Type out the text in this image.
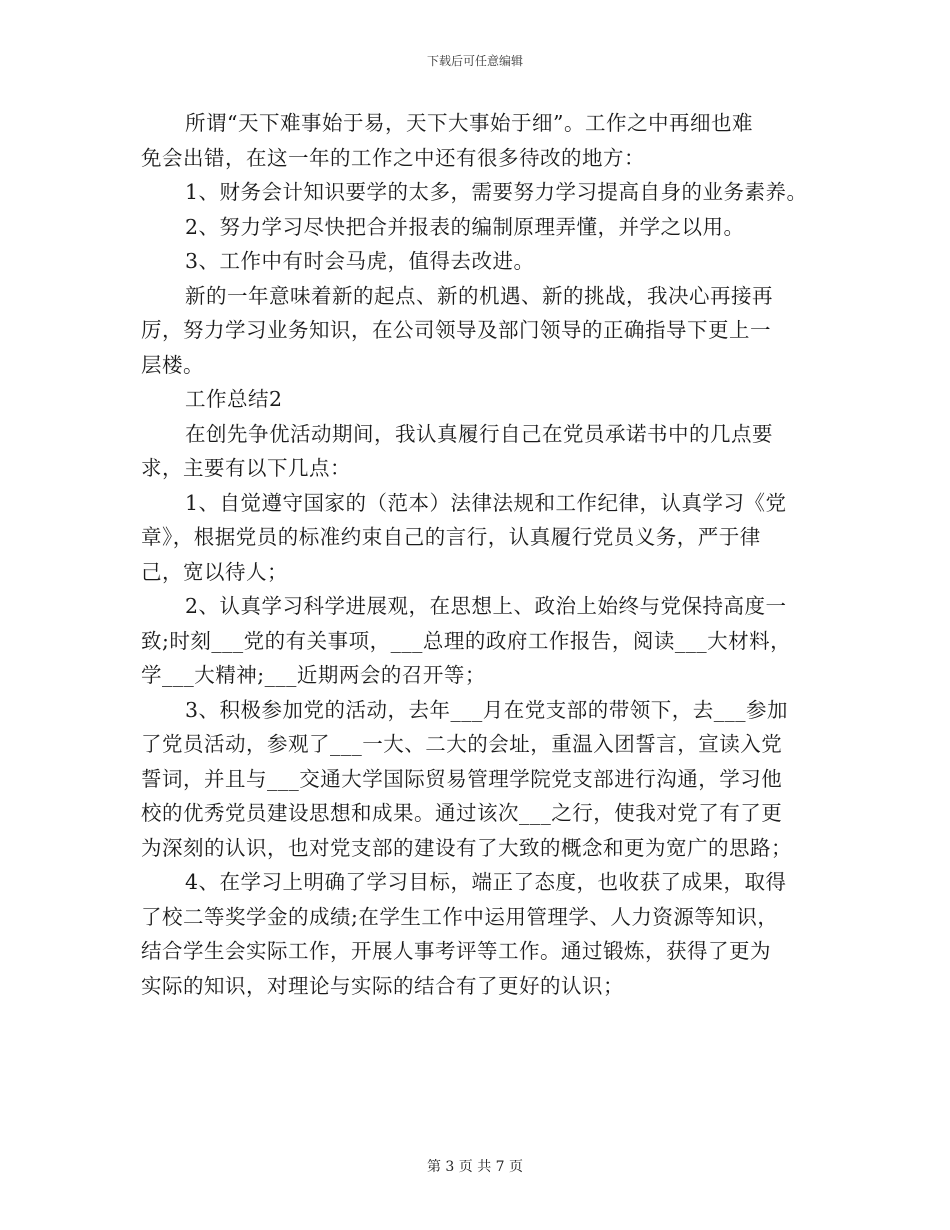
下载后可任意编辑
所谓“天下难事始于易，天下大事始于细”。工作之中再细也难
免会出错，在这一年的工作之中还有很多待改的地方：
1、财务会计知识要学的太多，需要努力学习提高自身的业务素养。
2、努力学习尽快把合并报表的编制原理弄懂，并学之以用。
3、工作中有时会马虎，值得去改进。
新的一年意味着新的起点、新的机遇、新的挑战，我决心再接再
厉，努力学习业务知识，在公司领导及部门领导的正确指导下更上一
层楼。
工作总结2
在创先争优活动期间，我认真履行自己在党员承诺书中的几点要
求，主要有以下几点：
1、自觉遵守国家的（范本）法律法规和工作纪律，认真学习《党
章》，根据党员的标准约束自己的言行，认真履行党员义务，严于律
己，宽以待人；
2、认真学习科学进展观，在思想上、政治上始终与党保持高度一
致;时刻___党的有关事项，___总理的政府工作报告，阅读___大材料，
学___大精神;___近期两会的召开等；
3、积极参加党的活动，去年___月在党支部的带领下，去___参加
了党员活动，参观了___一大、二大的会址，重温入团誓言，宣读入党
誓词，并且与___交通大学国际贸易管理学院党支部进行沟通，学习他
校的优秀党员建设思想和成果。通过该次___之行，使我对党了有了更
为深刻的认识，也对党支部的建设有了大致的概念和更为宽广的思路；
4、在学习上明确了学习目标，端正了态度，也收获了成果，取得
了校二等奖学金的成绩;在学生工作中运用管理学、人力资源等知识，
结合学生会实际工作，开展人事考评等工作。通过锻炼，获得了更为
实际的知识，对理论与实际的结合有了更好的认识；
第 3 页 共 7 页
